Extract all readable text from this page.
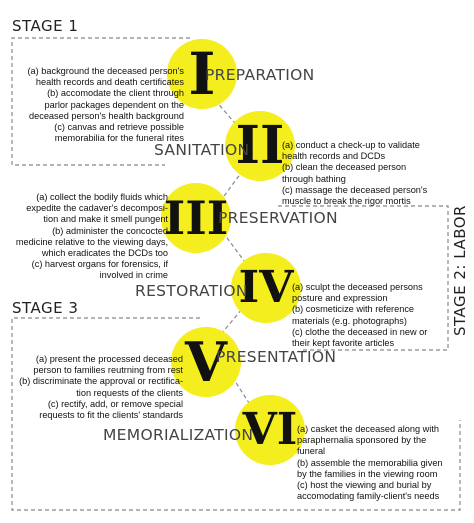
STAGE 1
STAGE 3	STAGE 2: LABOR
I
II
III
IV
V
VI
PREPARATION
SANITATION
PRESERVATION
RESTORATION
PRESENTATION
MEMORIALIZATION
(a) background the deceased person's
health records and death certificates
(b) accomodate the client through
parlor packages dependent on the
deceased person's health background
(c) canvas and retrieve possible
memorabilia for the funeral rites
(a) conduct a check-up to validate
health records and DCDs
(b) clean the deceased person
through bathing
(c) massage the deceased person's
muscle to break the rigor mortis
(a) collect the bodily fluids which
expedite the cadaver's decomposi-
tion and make it smell pungent
(b) administer the concocted
medicine relative to the viewing days,
which eradicates the DCDs too
(c) harvest organs for forensics, if
involved in crime
(a) sculpt the deceased persons
posture and expression
(b) cosmeticize with reference
materials (e.g. photographs)
(c) clothe the deceased in new or
their kept favorite articles
(a) present the processed deceased
person to families reutrning from rest
(b) discriminate the approval or rectifica-
tion requests of the clients
(c) rectify, add, or remove special
requests to fit the clients' standards
(a) casket the deceased along with
paraphernalia sponsored by the
funeral
(b) assemble the memorabilia given
by the families in the viewing room
(c) host the viewing and burial by
accomodating family-client's needs
